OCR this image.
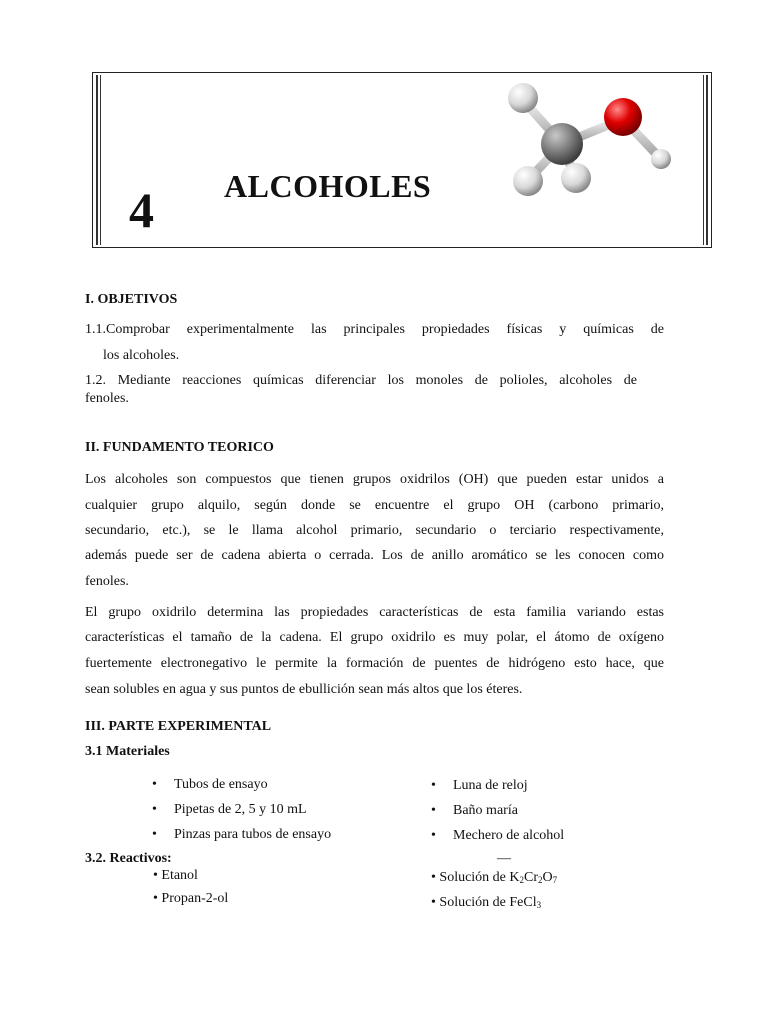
4 ALCOHOLES
I. OBJETIVOS
1.1.Comprobar experimentalmente las principales propiedades físicas y químicas de
los alcoholes.
1.2. Mediante reacciones químicas diferenciar los monoles de polioles, alcoholes de
fenoles.
II. FUNDAMENTO TEORICO
Los alcoholes son compuestos que tienen grupos oxidrilos (OH) que pueden estar unidos a
cualquier grupo alquilo, según donde se encuentre el grupo OH (carbono primario,
secundario, etc.), se le llama alcohol primario, secundario o terciario respectivamente,
además puede ser de cadena abierta o cerrada. Los de anillo aromático se les conocen como
fenoles.
El grupo oxidrilo determina las propiedades características de esta familia variando estas
características el tamaño de la cadena. El grupo oxidrilo es muy polar, el átomo de oxígeno
fuertemente electronegativo le permite la formación de puentes de hidrógeno esto hace, que
sean solubles en agua y sus puntos de ebullición sean más altos que los éteres.
III. PARTE EXPERIMENTAL
3.1 Materiales
• Tubos de ensayo
• Pipetas de 2, 5 y 10 mL
• Pinzas para tubos de ensayo
• Luna de reloj
• Baño maría
• Mechero de alcohol
3.2. Reactivos:	—
• Etanol
• Propan-2-ol
• Solución de $K_2Cr_2O_7$
• Solución de FeCl$_3$
